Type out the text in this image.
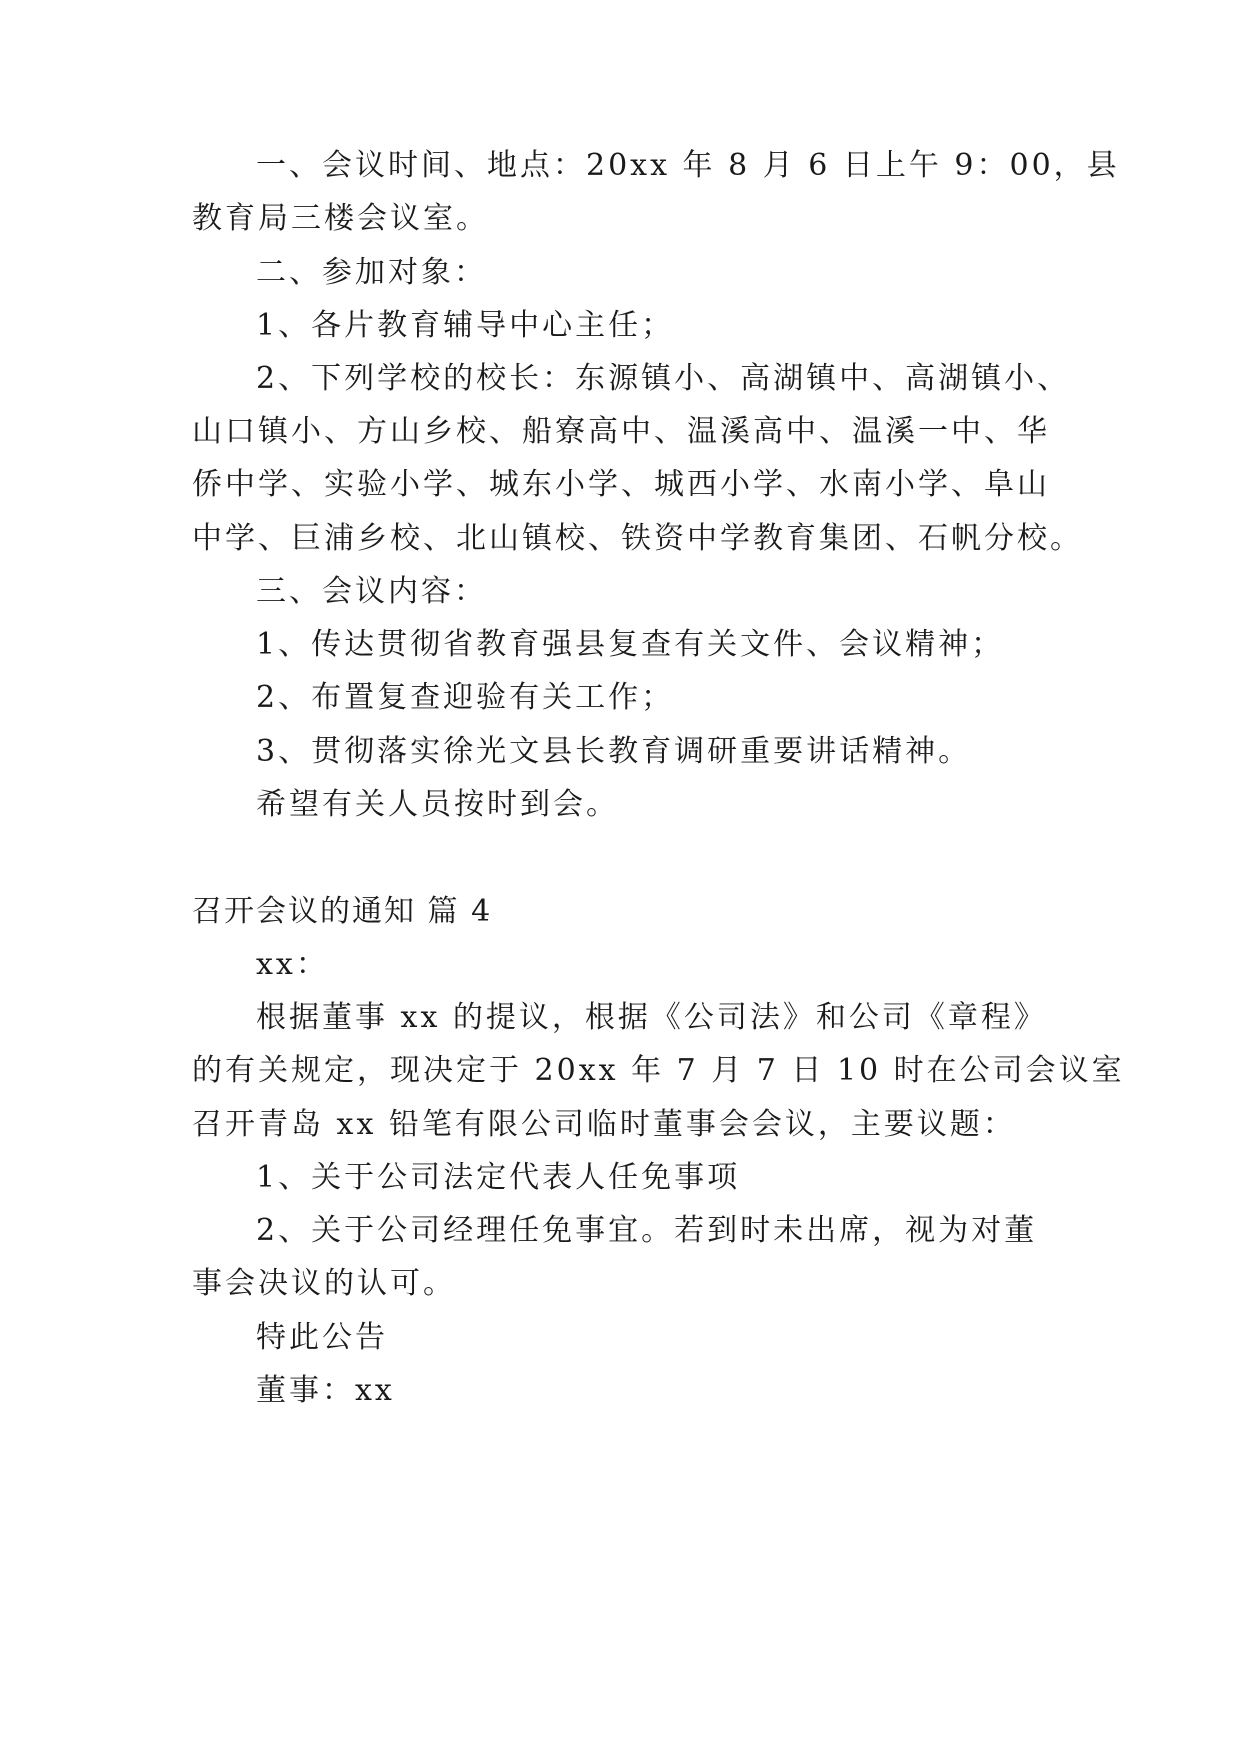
一、会议时间、地点：20xx 年 8 月 6 日上午 9：00，县
教育局三楼会议室。
二、参加对象：
1、各片教育辅导中心主任；
2、下列学校的校长：东源镇小、高湖镇中、高湖镇小、
山口镇小、方山乡校、船寮高中、温溪高中、温溪一中、华
侨中学、实验小学、城东小学、城西小学、水南小学、阜山
中学、巨浦乡校、北山镇校、铁资中学教育集团、石帆分校。
三、会议内容：
1、传达贯彻省教育强县复查有关文件、会议精神；
2、布置复查迎验有关工作；
3、贯彻落实徐光文县长教育调研重要讲话精神。
希望有关人员按时到会。
召开会议的通知 篇 4
xx：
根据董事 xx 的提议，根据《公司法》和公司《章程》
的有关规定，现决定于 20xx 年 7 月 7 日 10 时在公司会议室
召开青岛 xx 铅笔有限公司临时董事会会议，主要议题：
1、关于公司法定代表人任免事项
2、关于公司经理任免事宜。若到时未出席，视为对董
事会决议的认可。
特此公告
董事：xx
